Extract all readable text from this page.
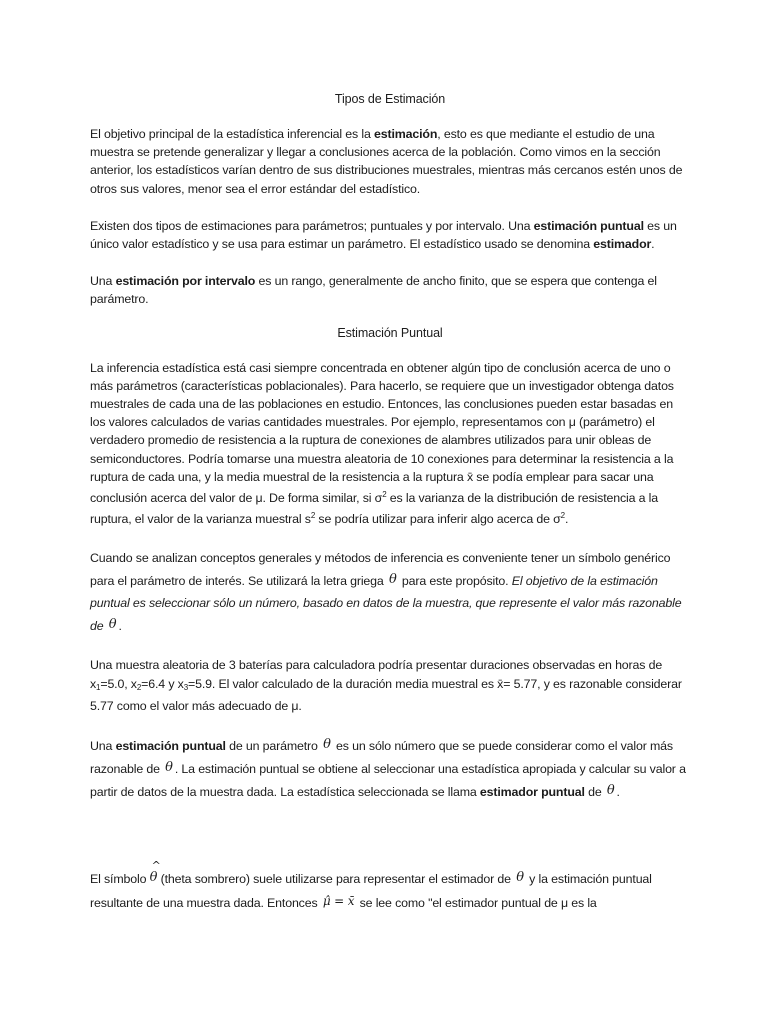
Tipos de Estimación

El objetivo principal de la estadística inferencial es la estimación, esto es que mediante el estudio de una muestra se pretende generalizar y llegar a conclusiones acerca de la población. Como vimos en la sección anterior, los estadísticos varían dentro de sus distribuciones muestrales, mientras más cercanos estén unos de otros sus valores, menor sea el error estándar del estadístico.

Existen dos tipos de estimaciones para parámetros; puntuales y por intervalo. Una estimación puntual es un único valor estadístico y se usa para estimar un parámetro. El estadístico usado se denomina estimador.

Una estimación por intervalo es un rango, generalmente de ancho finito, que se espera que contenga el parámetro.

Estimación Puntual

La inferencia estadística está casi siempre concentrada en obtener algún tipo de conclusión acerca de uno o más parámetros (características poblacionales). Para hacerlo, se requiere que un investigador obtenga datos muestrales de cada una de las poblaciones en estudio. Entonces, las conclusiones pueden estar basadas en los valores calculados de varias cantidades muestrales. Por ejemplo, representamos con μ (parámetro) el verdadero promedio de resistencia a la ruptura de conexiones de alambres utilizados para unir obleas de semiconductores. Podría tomarse una muestra aleatoria de 10 conexiones para determinar la resistencia a la ruptura de cada una, y la media muestral de la resistencia a la ruptura x̄ se podía emplear para sacar una conclusión acerca del valor de μ. De forma similar, si $\sigma^2$ es la varianza de la distribución de resistencia a la ruptura, el valor de la varianza muestral $s^2$ se podría utilizar para inferir algo acerca de $\sigma^2$.

Cuando se analizan conceptos generales y métodos de inferencia es conveniente tener un símbolo genérico para el parámetro de interés. Se utilizará la letra griega θ para este propósito. El objetivo de la estimación puntual es seleccionar sólo un número, basado en datos de la muestra, que represente el valor más razonable de θ .

Una muestra aleatoria de 3 baterías para calculadora podría presentar duraciones observadas en horas de $x_1=5.0$, $x_2=6.4$ y $x_3=5.9$. El valor calculado de la duración media muestral es x̄= 5.77, y es razonable considerar 5.77 como el valor más adecuado de μ.

Una estimación puntual de un parámetro θ es un sólo número que se puede considerar como el valor más razonable de θ . La estimación puntual se obtiene al seleccionar una estadística apropiada y calcular su valor a partir de datos de la muestra dada. La estadística seleccionada se llama estimador puntual de θ .

El símbolo
^
θ (theta sombrero) suele utilizarse para representar el estimador de θ y la estimación puntual resultante de una muestra dada. Entonces μ̂ = x̄ se lee como "el estimador puntual de μ es la
